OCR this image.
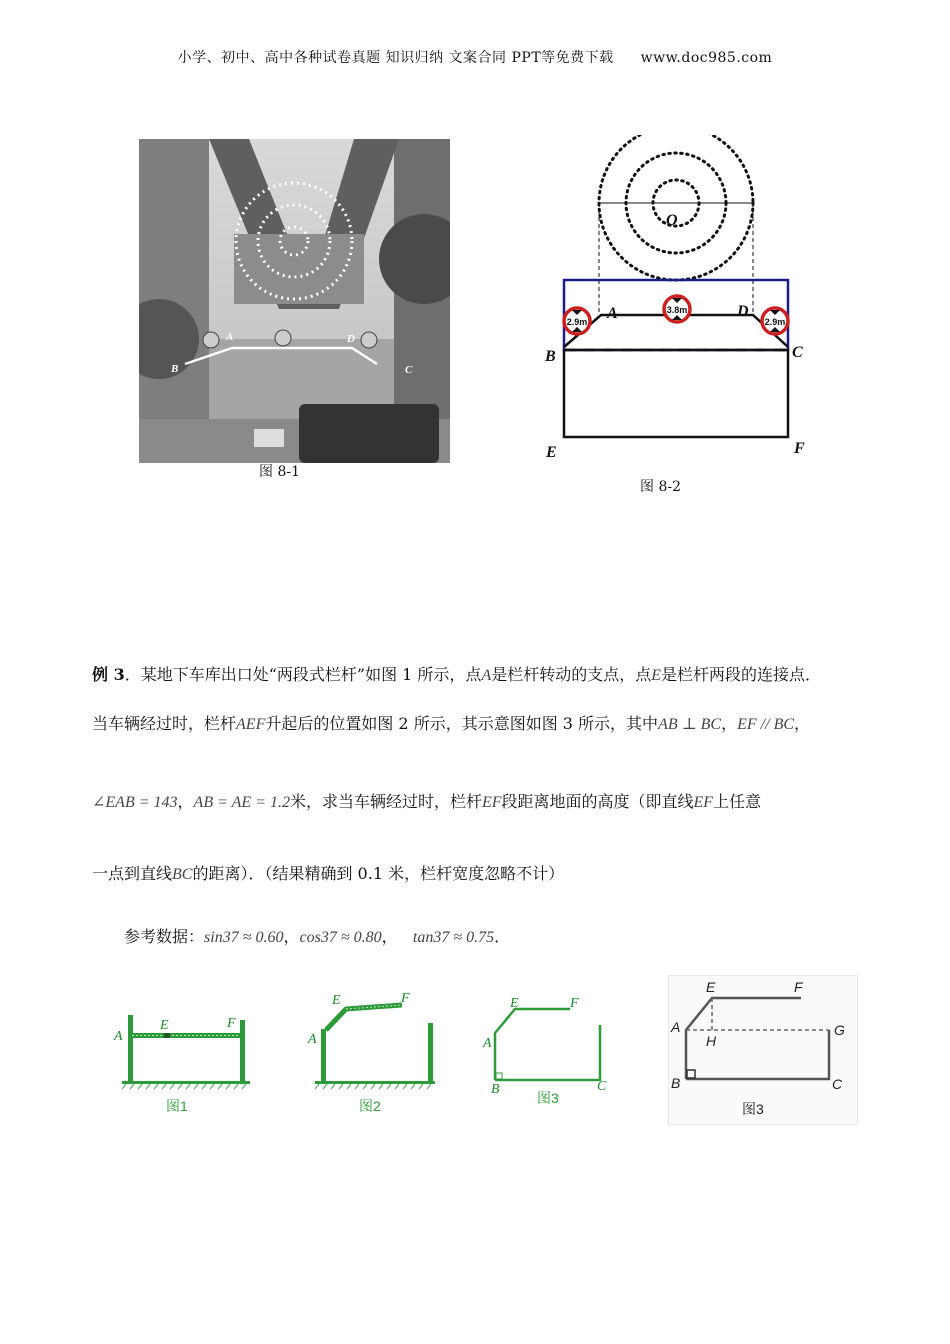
小学、初中、高中各种试卷真题 知识归纳 文案合同 PPT等免费下载 www.doc985.com
A	D
B	C
图 8-1
O
2.9m
3.8m
2.9m
A	D
B	C
E	F
图 8-2
例 3．某地下车库出口处“两段式栏杆”如图 1 所示，点A是栏杆转动的支点，点E是栏杆两段的连接点．
当车辆经过时，栏杆AEF升起后的位置如图 2 所示，其示意图如图 3 所示，其中AB ⊥ BC，EF // BC，
∠EAB = 143，AB = AE = 1.2米，求当车辆经过时，栏杆EF段距离地面的高度（即直线EF上任意
一点到直线BC的距离）．（结果精确到 0.1 米，栏杆宽度忽略不计）
参考数据：sin37 ≈ 0.60，cos37 ≈ 0.80， tan37 ≈ 0.75．
A
E	F
图1
A
E	F
图2
A
B	C
E	F
图3
A
B	C
E	F
G
H
图3
